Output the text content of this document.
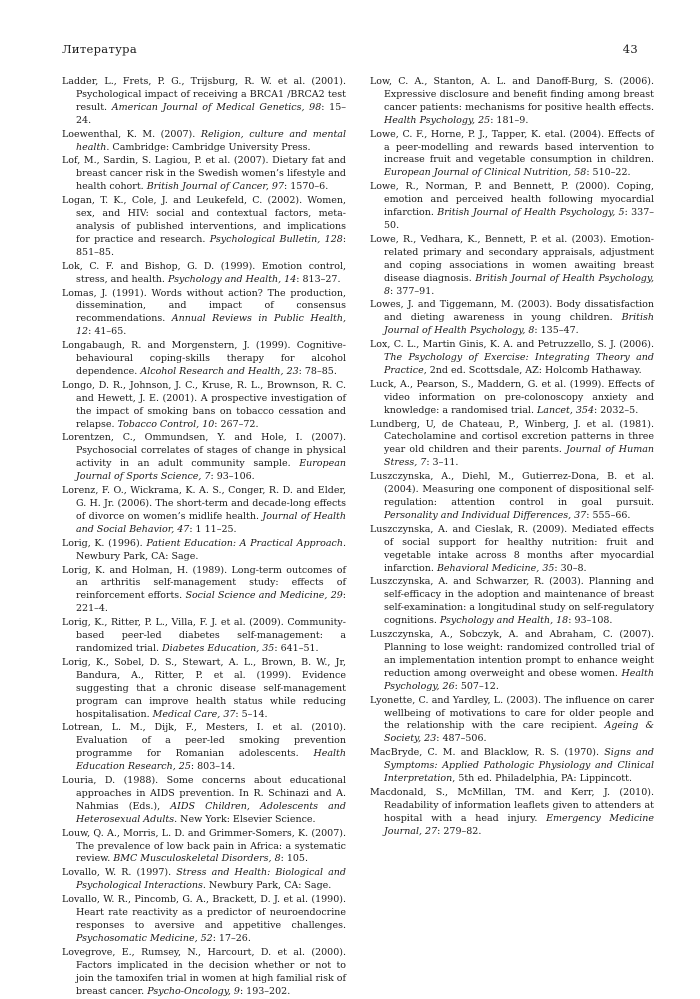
Литература	43

Ladder, L., Frets, P. G., Trijsburg, R. W. et al. (2001). Psychological impact of receiving a BRCA1 /BRCA2 test result. American Journal of Medical Genetics, 98: 15–24.

Loewenthal, K. M. (2007). Religion, culture and mental health. Cambridge: Cambridge University Press.

Lof, M., Sardin, S. Lagiou, P. et al. (2007). Dietary fat and breast cancer risk in the Swedish women’s lifestyle and health cohort. British Journal of Cancer, 97: 1570–6.

Logan, T. K., Cole, J. and Leukefeld, C. (2002). Women, sex, and HIV: social and contextual factors, meta-analysis of published interventions, and implications for practice and research. Psychological Bulletin, 128: 851–85.

Lok, C. F. and Bishop, G. D. (1999). Emotion control, stress, and health. Psychology and Health, 14: 813–27.

Lomas, J. (1991). Words without action? The production, dissemination, and impact of consensus recommendations. Annual Reviews in Public Health, 12: 41–65.

Longabaugh, R. and Morgenstern, J. (1999). Cognitive-behavioural coping-skills therapy for alcohol dependence. Alcohol Research and Health, 23: 78–85.

Longo, D. R., Johnson, J. C., Kruse, R. L., Brownson, R. C. and Hewett, J. E. (2001). A prospective investigation of the impact of smoking bans on tobacco cessation and relapse. Tobacco Control, 10: 267–72.

Lorentzen, C., Ommundsen, Y. and Hole, I. (2007). Psychosocial correlates of stages of change in physical activity in an adult community sample. European Journal of Sports Science, 7: 93–106.

Lorenz, F. O., Wickrama, K. A. S., Conger, R. D. and Elder, G. H. Jr. (2006). The short-term and decade-long effects of divorce on women’s midlife health. Journal of Health and Social Behavior, 47: 1 11–25.

Lorig, K. (1996). Patient Education: A Practical Approach. Newbury Park, CA: Sage.

Lorig, K. and Holman, H. (1989). Long-term outcomes of an arthritis self-management study: effects of reinforcement efforts. Social Science and Medicine, 29: 221–4.

Lorig, K., Ritter, P. L., Villa, F. J. et al. (2009). Community-based peer-led diabetes self-management: a randomized trial. Diabetes Education, 35: 641–51.

Lorig, K., Sobel, D. S., Stewart, A. L., Brown, B. W., Jr, Bandura, A., Ritter, P. et al. (1999). Evidence suggesting that a chronic disease self-management program can improve health status while reducing hospitalisation. Medical Care, 37: 5–14.

Lotrean, L. M., Dijk, F., Mesters, I. et al. (2010). Evaluation of a peer-led smoking prevention programme for Romanian adolescents. Health Education Research, 25: 803–14.

Louria, D. (1988). Some concerns about educational approaches in AIDS prevention. In R. Schinazi and A. Nahmias (Eds.), AIDS Children, Adolescents and Heterosexual Adults. New York: Elsevier Science.

Louw, Q. A., Morris, L. D. and Grimmer-Somers, K. (2007). The prevalence of low back pain in Africa: a systematic review. BMC Musculoskeletal Disorders, 8: 105.

Lovallo, W. R. (1997). Stress and Health: Biological and Psychological Interactions. Newbury Park, CA: Sage.

Lovallo, W. R., Pincomb, G. A., Brackett, D. J. et al. (1990). Heart rate reactivity as a predictor of neuroendocrine responses to aversive and appetitive challenges. Psychosomatic Medicine, 52: 17–26.

Lovegrove, E., Rumsey, N., Harcourt, D. et al. (2000). Factors implicated in the decision whether or not to join the tamoxifen trial in women at high familial risk of breast cancer. Psycho-Oncology, 9: 193–202.

Low, C. A., Stanton, A. L. and Danoff-Burg, S. (2006). Expressive disclosure and benefit finding among breast cancer patients: mechanisms for positive health effects. Health Psychology, 25: 181–9.

Lowe, C. F., Horne, P. J., Tapper, K. etal. (2004). Effects of a peer-modelling and rewards based intervention to increase fruit and vegetable consumption in children. European Journal of Clinical Nutrition, 58: 510–22.

Lowe, R., Norman, P. and Bennett, P. (2000). Coping, emotion and perceived health following myocardial infarction. British Journal of Health Psychology, 5: 337–50.

Lowe, R., Vedhara, K., Bennett, P. et al. (2003). Emotion-related primary and secondary appraisals, adjustment and coping associations in women awaiting breast disease diagnosis. British Journal of Health Psychology, 8: 377–91.

Lowes, J. and Tiggemann, M. (2003). Body dissatisfaction and dieting awareness in young children. British Journal of Health Psychology, 8: 135–47.

Lox, C. L., Martin Ginis, K. A. and Petruzzello, S. J. (2006). The Psychology of Exercise: Integrating Theory and Practice, 2nd ed. Scottsdale, AZ: Holcomb Hathaway.

Luck, A., Pearson, S., Maddern, G. et al. (1999). Effects of video information on pre-colonoscopy anxiety and knowledge: a randomised trial. Lancet, 354: 2032–5.

Lundberg, U, de Chateau, P., Winberg, J. et al. (1981). Catecholamine and cortisol excretion patterns in three year old children and their parents. Journal of Human Stress, 7: 3–11.

Luszczynska, A., Diehl, M., Gutierrez-Dona, B. et al. (2004). Measuring one component of dispositional self-regulation: attention control in goal pursuit. Personality and Individual Differences, 37: 555–66.

Luszczynska, A. and Cieslak, R. (2009). Mediated effects of social support for healthy nutrition: fruit and vegetable intake across 8 months after myocardial infarction. Behavioral Medicine, 35: 30–8.

Luszczynska, A. and Schwarzer, R. (2003). Planning and self-efficacy in the adoption and maintenance of breast self-examination: a longitudinal study on self-regulatory cognitions. Psychology and Health, 18: 93–108.

Luszczynska, A., Sobczyk, A. and Abraham, C. (2007). Planning to lose weight: randomized controlled trial of an implementation intention prompt to enhance weight reduction among overweight and obese women. Health Psychology, 26: 507–12.

Lyonette, C. and Yardley, L. (2003). The influence on carer wellbeing of motivations to care for older people and the relationship with the care recipient. Ageing & Society, 23: 487–506.

MacBryde, C. M. and Blacklow, R. S. (1970). Signs and Symptoms: Applied Pathologic Physiology and Clinical Interpretation, 5th ed. Philadelphia, PA: Lippincott.

Macdonald, S., McMillan, TM. and Kerr, J. (2010). Readability of information leaflets given to attenders at hospital with a head injury. Emergency Medicine Journal, 27: 279–82.
